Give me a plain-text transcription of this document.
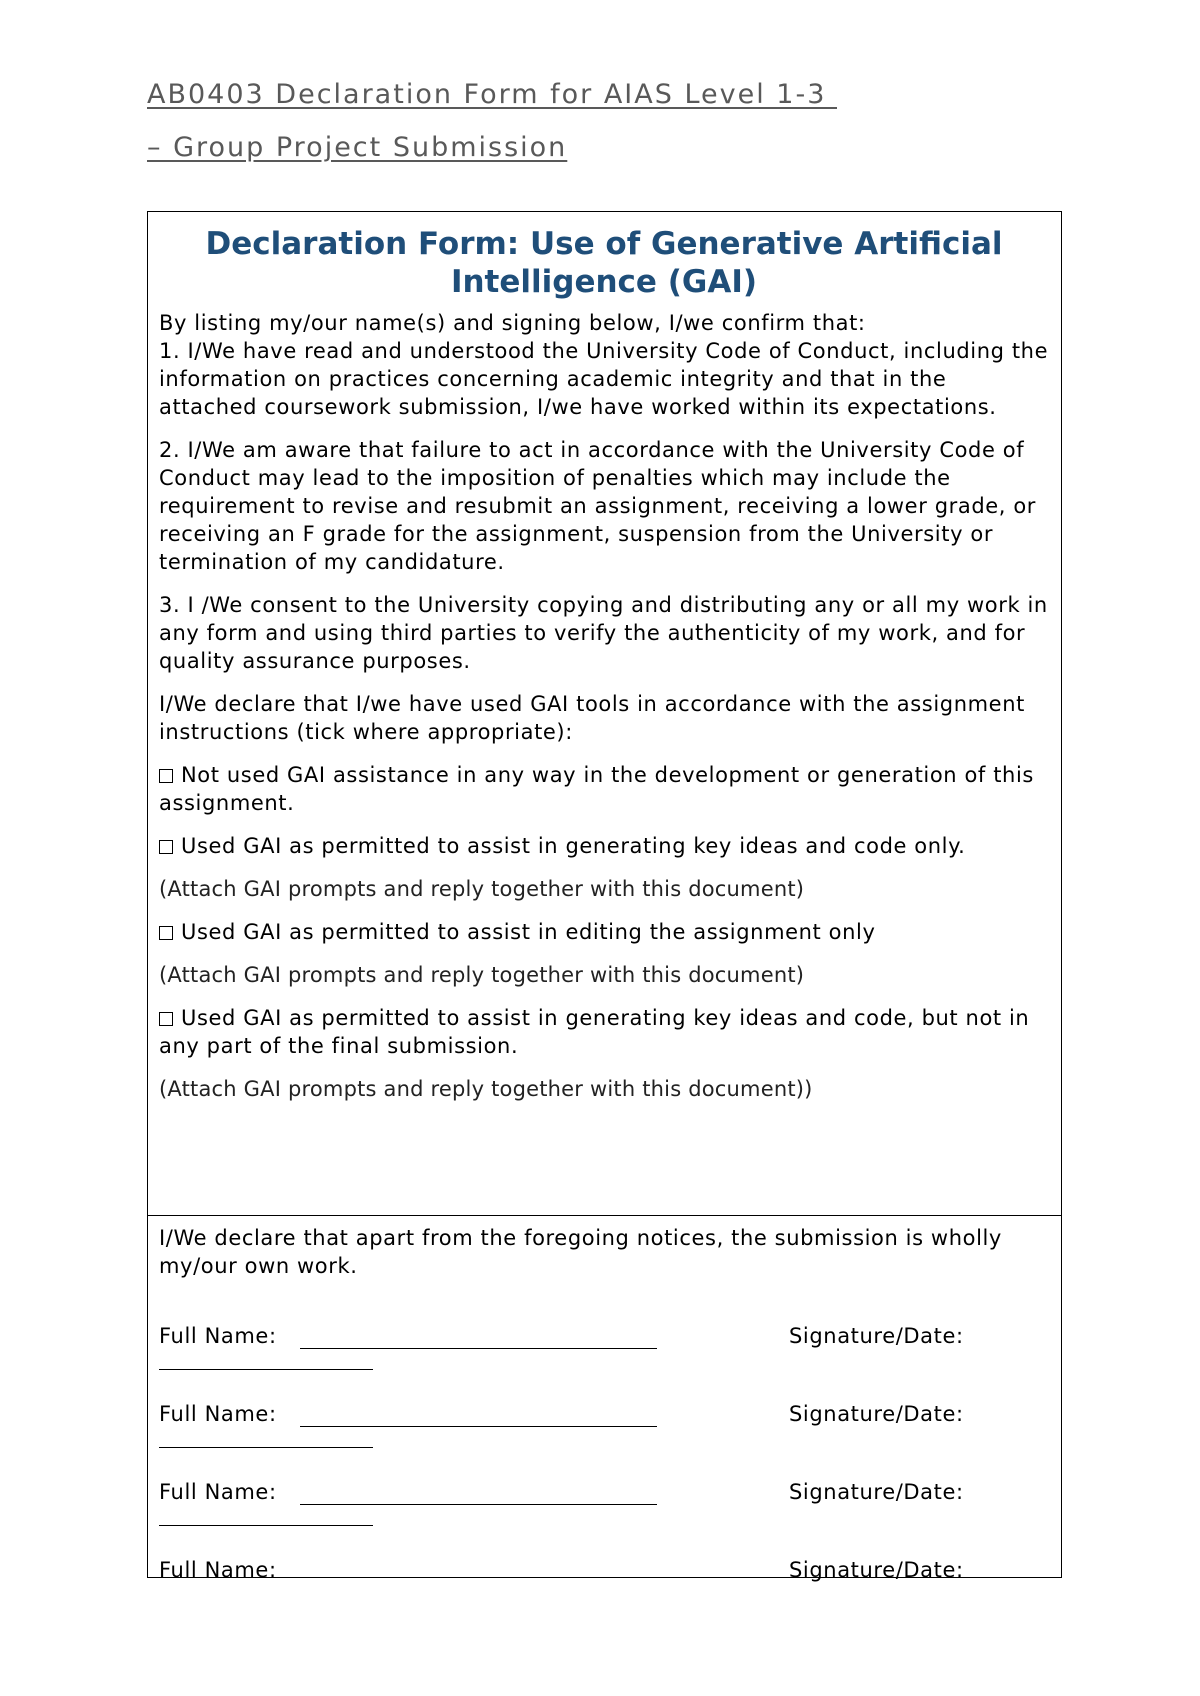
AB0403 Declaration Form for AIAS Level 1-3
– Group Project Submission
Declaration Form: Use of Generative Artificial Intelligence (GAI)

By listing my/our name(s) and signing below, I/we confirm that:

1. I/We have read and understood the University Code of Conduct, including the information on practices concerning academic integrity and that in the attached coursework submission, I/we have worked within its expectations.

2. I/We am aware that failure to act in accordance with the University Code of Conduct may lead to the imposition of penalties which may include the requirement to revise and resubmit an assignment, receiving a lower grade, or receiving an F grade for the assignment, suspension from the University or termination of my candidature.

3. I /We consent to the University copying and distributing any or all my work in any form and using third parties to verify the authenticity of my work, and for quality assurance purposes.

I/We declare that I/we have used GAI tools in accordance with the assignment instructions (tick where appropriate):

Not used GAI assistance in any way in the development or generation of this assignment.

Used GAI as permitted to assist in generating key ideas and code only.

(Attach GAI prompts and reply together with this document)

Used GAI as permitted to assist in editing the assignment only

(Attach GAI prompts and reply together with this document)

Used GAI as permitted to assist in generating key ideas and code, but not in any part of the final submission.

(Attach GAI prompts and reply together with this document))

I/We declare that apart from the foregoing notices, the submission is wholly my/our own work.

Full Name:	Signature/Date:
Full Name:	Signature/Date:
Full Name:	Signature/Date:
Full Name:	Signature/Date:
